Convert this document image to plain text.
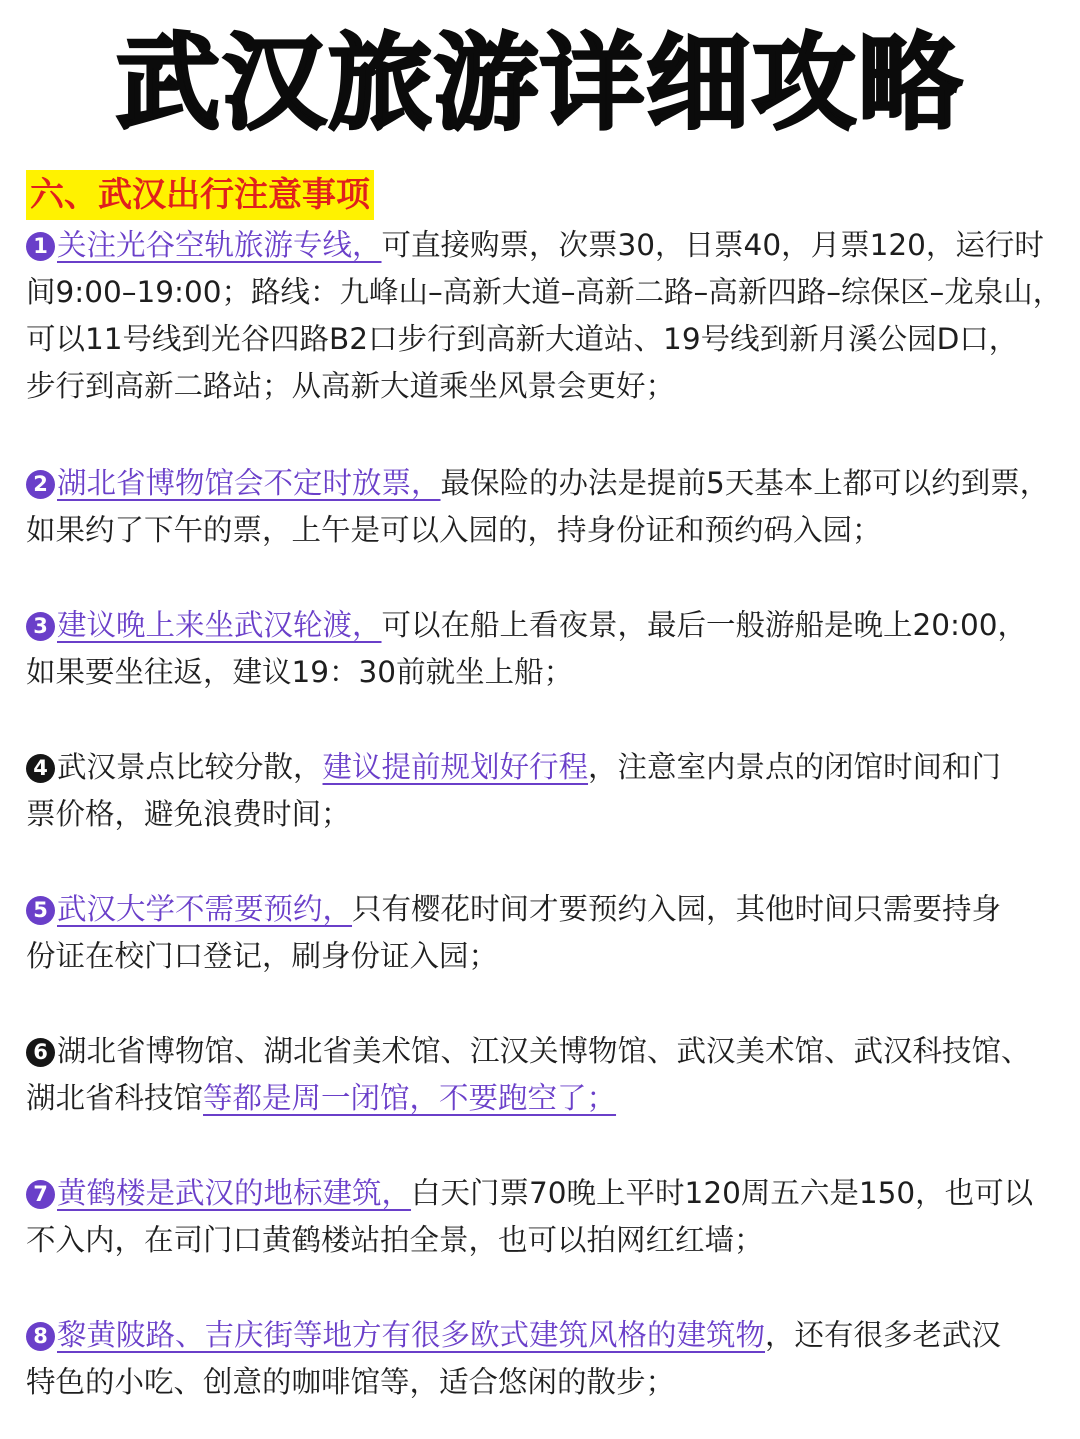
武汉旅游详细攻略
六、武汉出行注意事项
1 关注光谷空轨旅游专线，可直接购票，次票30，日票40，月票120，运行时
间9:00–19:00；路线：九峰山–高新大道–高新二路–高新四路–综保区–龙泉山，
可以11号线到光谷四路B2口步行到高新大道站、19号线到新月溪公园D口，
步行到高新二路站；从高新大道乘坐风景会更好；
2 湖北省博物馆会不定时放票，最保险的办法是提前5天基本上都可以约到票，
如果约了下午的票，上午是可以入园的，持身份证和预约码入园；
3 建议晚上来坐武汉轮渡，可以在船上看夜景，最后一般游船是晚上20:00，
如果要坐往返，建议19：30前就坐上船；
4 武汉景点比较分散，建议提前规划好行程，注意室内景点的闭馆时间和门
票价格，避免浪费时间；
5 武汉大学不需要预约，只有樱花时间才要预约入园，其他时间只需要持身
份证在校门口登记，刷身份证入园；
6 湖北省博物馆、湖北省美术馆、江汉关博物馆、武汉美术馆、武汉科技馆、
湖北省科技馆等都是周一闭馆，不要跑空了；
7 黄鹤楼是武汉的地标建筑，白天门票70晚上平时120周五六是150，也可以
不入内，在司门口黄鹤楼站拍全景，也可以拍网红红墙；
8 黎黄陂路、吉庆街等地方有很多欧式建筑风格的建筑物，还有很多老武汉
特色的小吃、创意的咖啡馆等，适合悠闲的散步；
